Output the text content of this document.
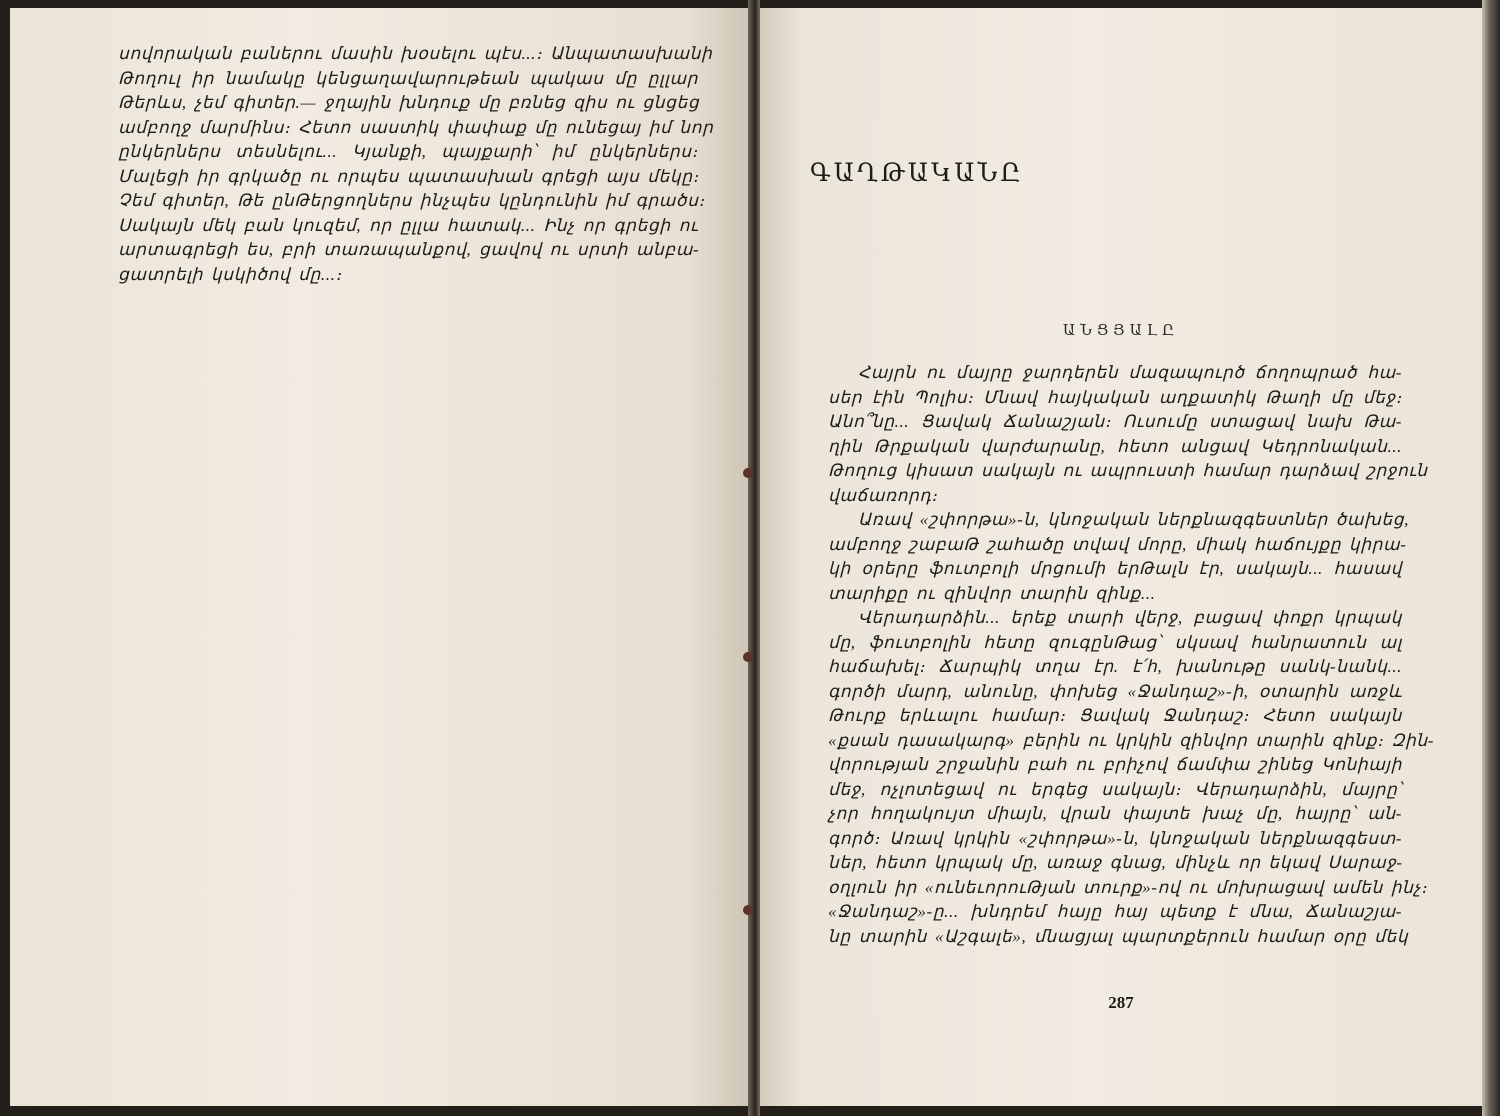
սովորական բաներու մասին խօսելու պէս...։ Անպատասխանի
Թողուլ իր նամակը կենցաղավարութեան պակաս մը ըլլար
Թերևս, չեմ գիտեր.— ջղային խնդուք մը բռնեց զիս ու ցնցեց
ամբողջ մարմինս։ Հետո սաստիկ փափաք մը ունեցայ իմ նոր
ընկերներս տեսնելու... Կյանքի, պայքարի՝ իմ ընկերներս։
Մալեցի իր գրկածը ու որպես պատասխան գրեցի այս մեկը։
Չեմ գիտեր, Թե ընԹերցողներս ինչպես կընդունին իմ գրածս։
Սակայն մեկ բան կուզեմ, որ ըլլա հատակ... Ինչ որ գրեցի ու
արտագրեցի ես, բրի տառապանքով, ցավով ու սրտի անբա-
ցատրելի կսկիծով մը...։
ԳԱՂԹԱԿԱՆԸ
ԱՆՑՅԱԼԸ
Հայրն ու մայրը ջարդերեն մազապուրծ ճողոպրած հա-
սեր էին Պոլիս։ Մնավ հայկական աղքատիկ Թաղի մը մեջ։
Անո՞նը... Ցավակ Ճանաշյան։ Ուսումը ստացավ նախ Թա-
ղին Թրքական վարժարանը, հետո անցավ Կեդրոնական...
Թողուց կիսատ սակայն ու ապրուստի համար դարձավ շրջուն
վաճառորդ։
Առավ «շփորթա»-ն, կնոջական ներքնազգեստներ ծախեց,
ամբողջ շաբաԹ շահածը տվավ մորը, միակ հաճույքը կիրա-
կի օրերը ֆուտբոլի մրցումի երԹալն էր, սակայն... հասավ
տարիքը ու զինվոր տարին զինք...
Վերադարձին... երեք տարի վերջ, բացավ փոքր կրպակ
մը, ֆուտբոլին հետը զուգընԹաց՝ սկսավ հանրատուն ալ
հաճախել։ Ճարպիկ տղա էր. է՛հ, խանութը սանկ-նանկ...
գործի մարդ, անունը, փոխեց «Ջանդաշ»-ի, օտարին առջև
Թուրք երևալու համար։ Ցավակ Ջանդաշ։ Հետո սակայն
«քսան դասակարգ» բերին ու կրկին զինվոր տարին զինք։ Զին-
վորության շրջանին բահ ու բրիչով ճամփա շինեց Կոնիայի
մեջ, ոչլոտեցավ ու երգեց սակայն։ Վերադարձին, մայրը՝
չոր հողակույտ միայն, վրան փայտե խաչ մը, հայրը՝ ան-
գործ։ Առավ կրկին «շփորթա»-ն, կնոջական ներքնազգեստ-
ներ, հետո կրպակ մը, առաջ գնաց, մինչև որ եկավ Սարաջ-
օղլուն իր «ունեւորուԹյան տուրք»-ով ու մոխրացավ ամեն ինչ։
«Ջանդաշ»-ը... խնդրեմ հայը հայ պետք է մնա, Ճանաշյա-
նը տարին «Աշգալե», մնացյալ պարտքերուն համար օրը մեկ
287
